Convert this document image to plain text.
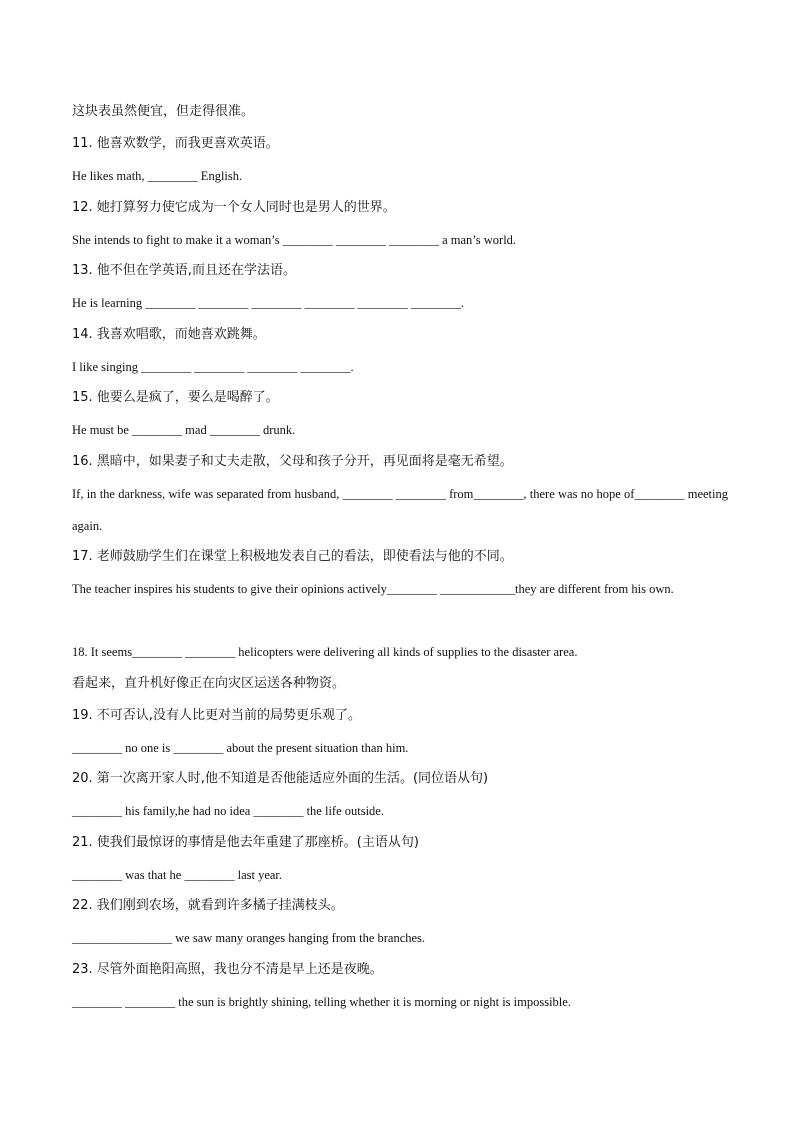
这块表虽然便宜，但走得很准。
11. 他喜欢数学，而我更喜欢英语。
He likes math, ________ English.
12. 她打算努力使它成为一个女人同时也是男人的世界。
She intends to fight to make it a woman’s ________ ________ ________ a man’s world.
13. 他不但在学英语,而且还在学法语。
He is learning ________ ________ ________ ________ ________ ________.
14. 我喜欢唱歌，而她喜欢跳舞。
I like singing ________ ________ ________ ________.
15. 他要么是疯了，要么是喝醉了。
He must be ________ mad ________ drunk.
16. 黑暗中，如果妻子和丈夫走散，父母和孩子分开，再见面将是毫无希望。
If, in the darkness, wife was separated from husband, ________ ________ from________, there was no hope of________ meeting again.
17. 老师鼓励学生们在课堂上积极地发表自己的看法，即使看法与他的不同。
The teacher inspires his students to give their opinions actively________ ____________they are different from his own.
18. It seems________ ________ helicopters were delivering all kinds of supplies to the disaster area.
看起来，直升机好像正在向灾区运送各种物资。
19. 不可否认,没有人比更对当前的局势更乐观了。
________ no one is ________ about the present situation than him.
20. 第一次离开家人时,他不知道是否他能适应外面的生活。(同位语从句)
________ his family,he had no idea ________ the life outside.
21. 使我们最惊讶的事情是他去年重建了那座桥。(主语从句)
________ was that he ________ last year.
22. 我们刚到农场，就看到许多橘子挂满枝头。
________________ we saw many oranges hanging from the branches.
23. 尽管外面艳阳高照，我也分不清是早上还是夜晚。
________ ________ the sun is brightly shining, telling whether it is morning or night is impossible.
